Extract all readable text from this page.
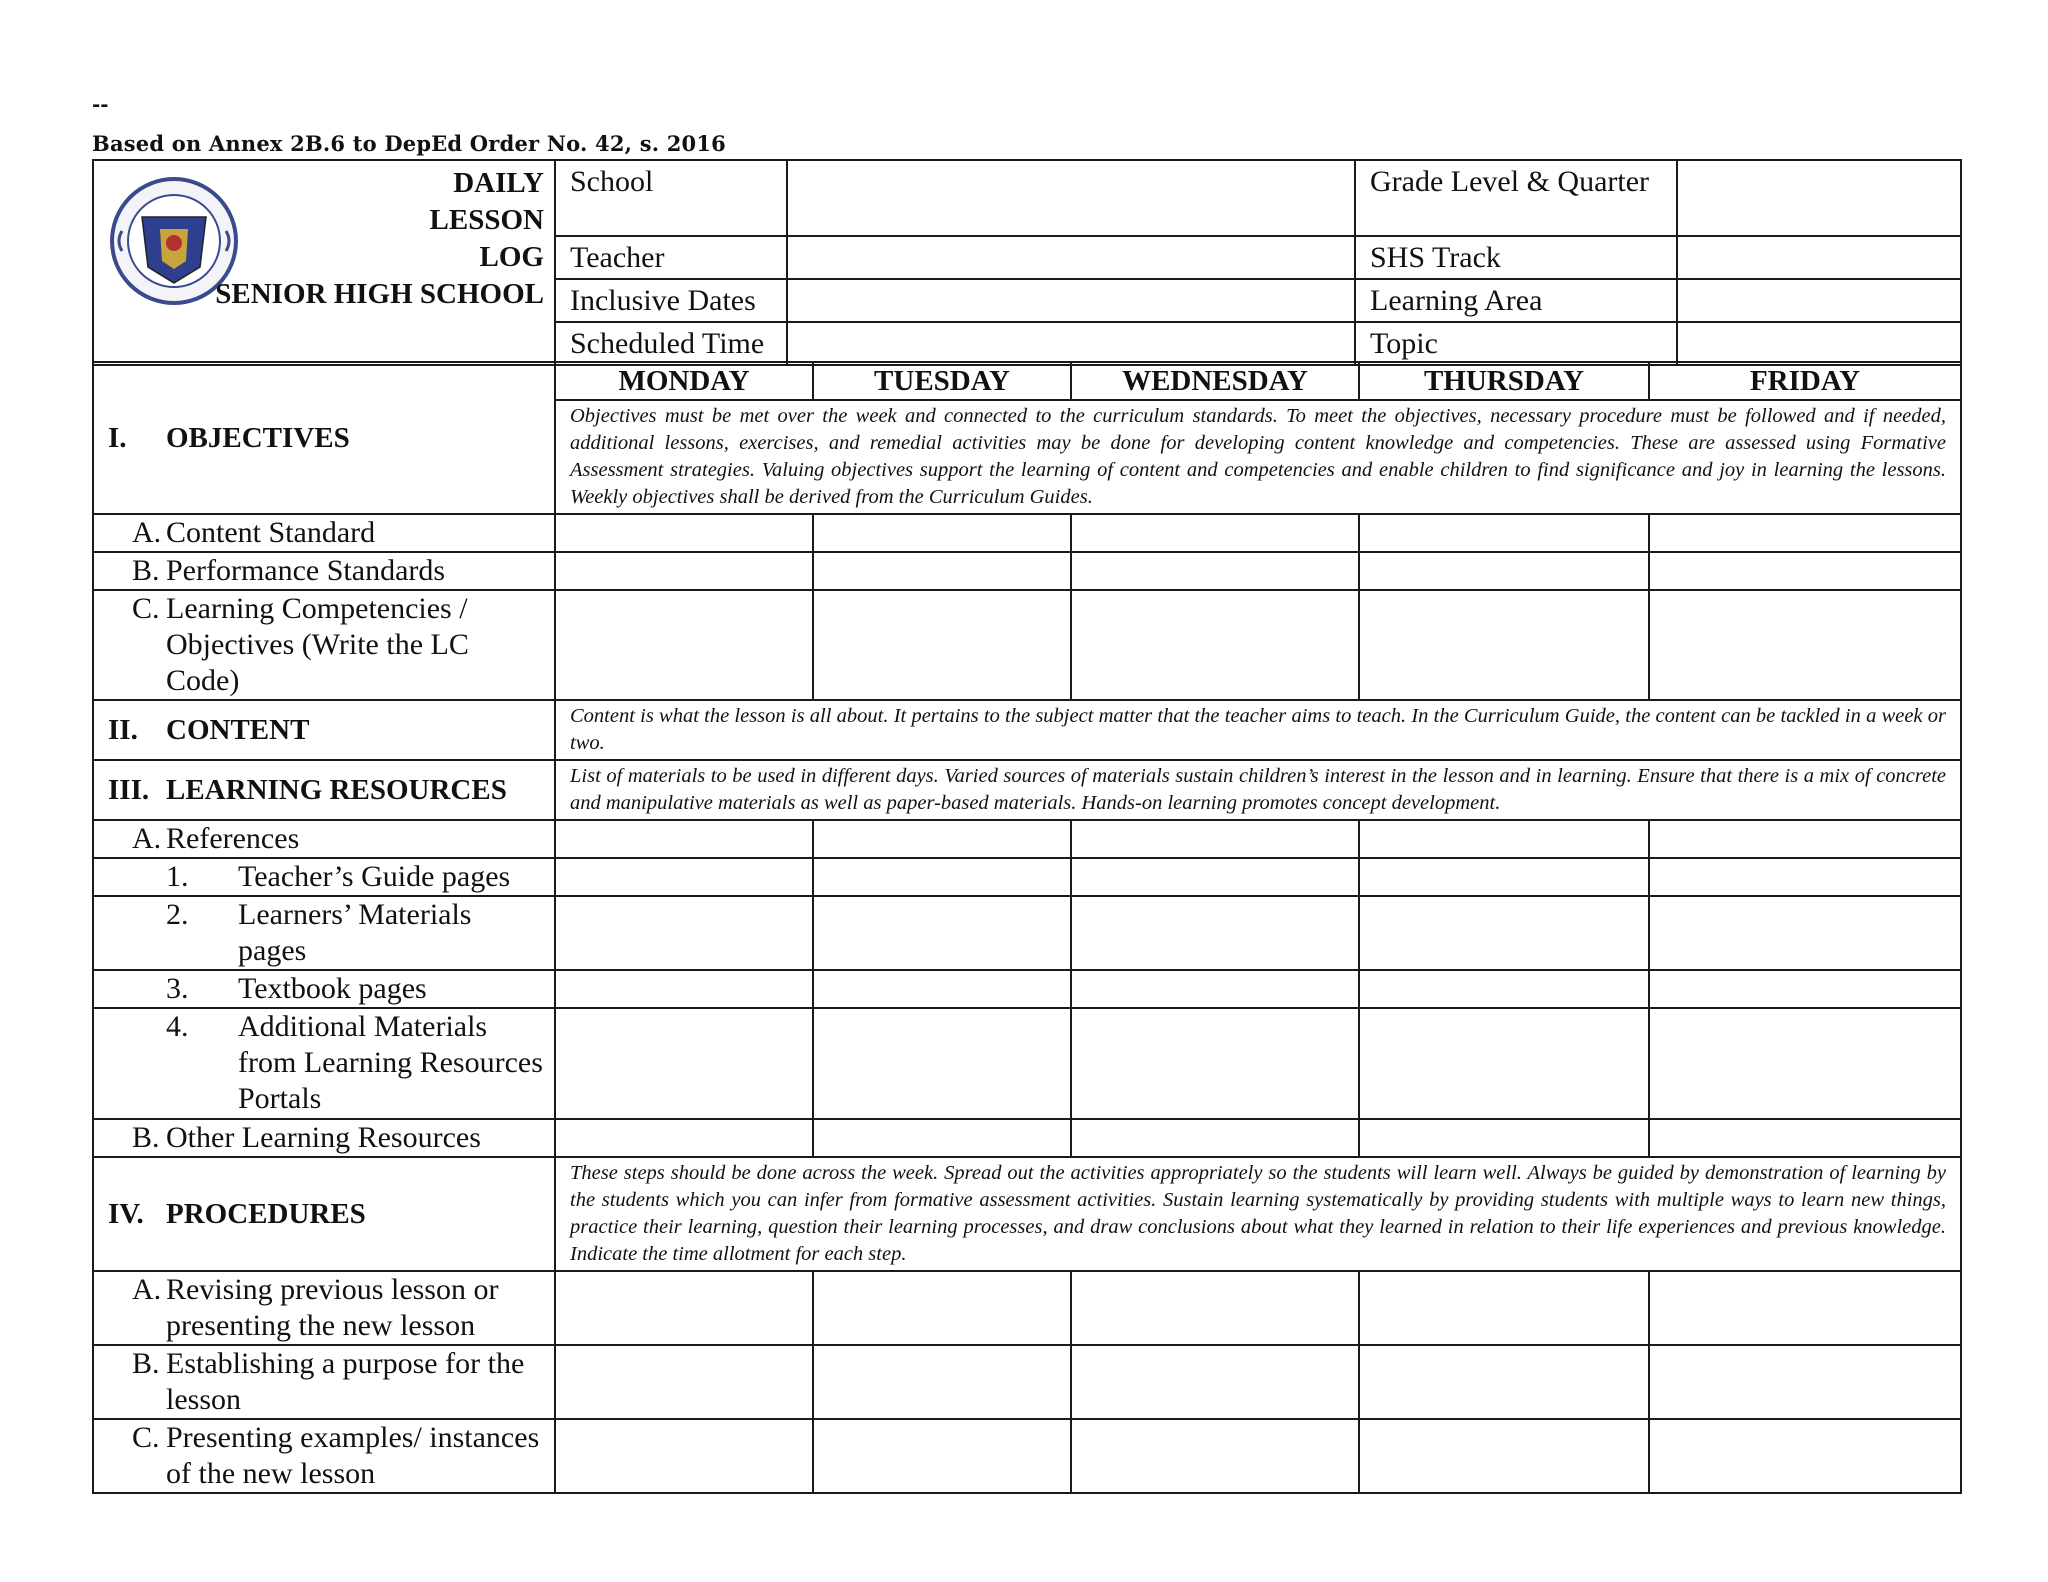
--
Based on Annex 2B.6 to DepEd Order No. 42, s. 2016
DAILY
LESSON
LOG
SENIOR HIGH SCHOOL	School		Grade Level & Quarter	
	Teacher		SHS Track	
	Inclusive Dates		Learning Area	
	Scheduled Time		Topic	
I. OBJECTIVES	MONDAY	TUESDAY	WEDNESDAY	THURSDAY	FRIDAY
	Objectives must be met over the week and connected to the curriculum standards. To meet the objectives, necessary procedure must be followed and if needed, additional lessons, exercises, and remedial activities may be done for developing content knowledge and competencies. These are assessed using Formative Assessment strategies. Valuing objectives support the learning of content and competencies and enable children to find significance and joy in learning the lessons. Weekly objectives shall be derived from the Curriculum Guides.				

A. Content Standard					

B. Performance Standards					

C. Learning Competencies / Objectives (Write the LC Code)					

II. CONTENT	Content is what the lesson is all about. It pertains to the subject matter that the teacher aims to teach. In the Curriculum Guide, the content can be tackled in a week or two.				
III. LEARNING RESOURCES	List of materials to be used in different days. Varied sources of materials sustain children’s interest in the lesson and in learning. Ensure that there is a mix of concrete and manipulative materials as well as paper-based materials. Hands-on learning promotes concept development.				

A. References					

1. Teacher’s Guide pages					

2. Learners’ Materials pages					

3. Textbook pages					

4. Additional Materials from Learning Resources Portals					

B. Other Learning Resources					

IV. PROCEDURES	These steps should be done across the week. Spread out the activities appropriately so the students will learn well. Always be guided by demonstration of learning by the students which you can infer from formative assessment activities. Sustain learning systematically by providing students with multiple ways to learn new things, practice their learning, question their learning processes, and draw conclusions about what they learned in relation to their life experiences and previous knowledge. Indicate the time allotment for each step.				

A. Revising previous lesson or presenting the new lesson					

B. Establishing a purpose for the lesson					

C. Presenting examples/ instances of the new lesson					
